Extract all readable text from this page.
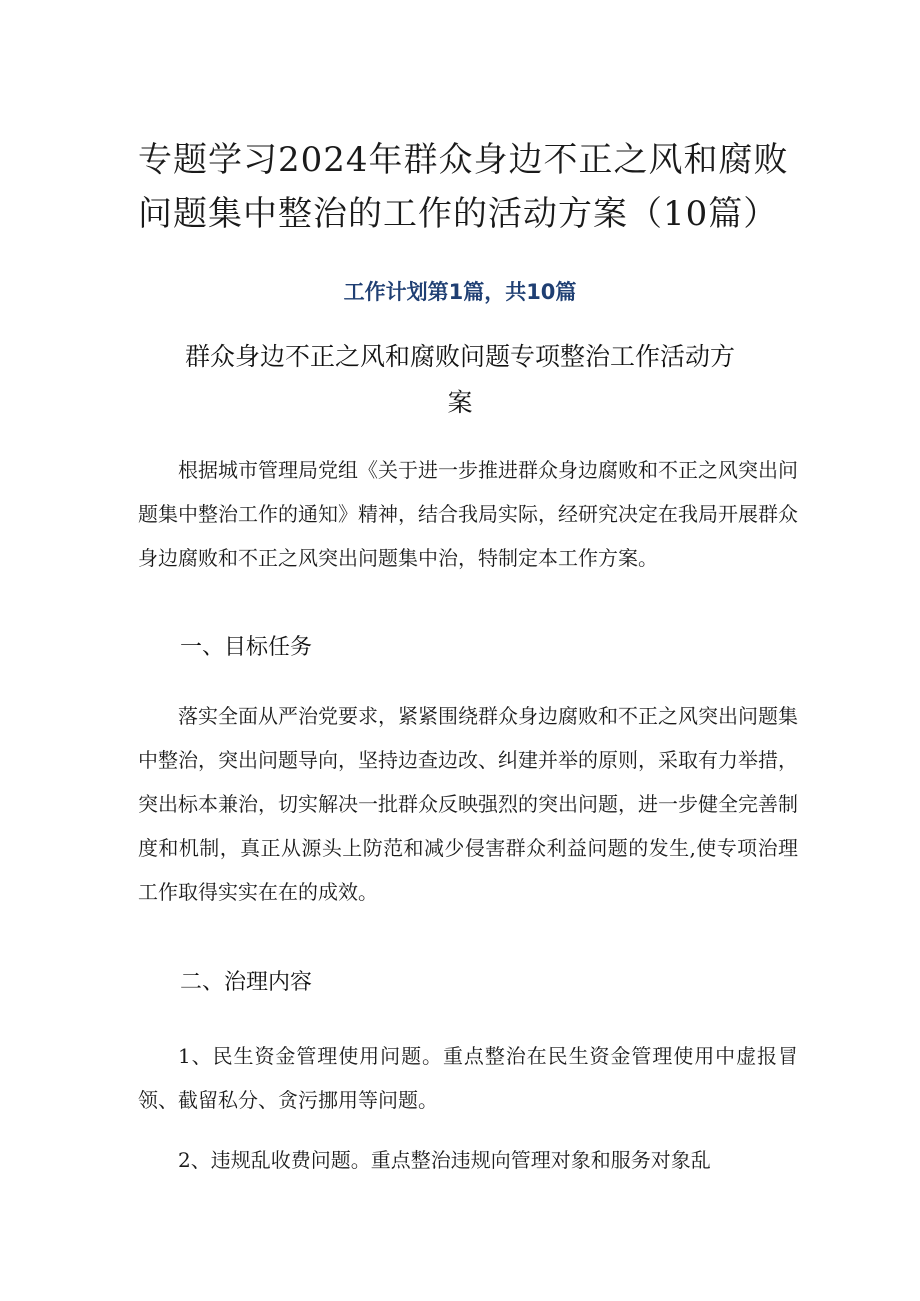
专题学习2024年群众身边不正之风和腐败问题集中整治的工作的活动方案（10篇）
工作计划第1篇，共10篇
群众身边不正之风和腐败问题专项整治工作活动方案

根据城市管理局党组《关于进一步推进群众身边腐败和不正之风突出问题集中整治工作的通知》精神，结合我局实际，经研究决定在我局开展群众身边腐败和不正之风突出问题集中治，特制定本工作方案。

一、目标任务

落实全面从严治党要求，紧紧围绕群众身边腐败和不正之风突出问题集中整治，突出问题导向，坚持边查边改、纠建并举的原则，采取有力举措，突出标本兼治，切实解决一批群众反映强烈的突出问题，进一步健全完善制度和机制，真正从源头上防范和减少侵害群众利益问题的发生,使专项治理工作取得实实在在的成效。

二、治理内容

1、民生资金管理使用问题。重点整治在民生资金管理使用中虚报冒领、截留私分、贪污挪用等问题。

2、违规乱收费问题。重点整治违规向管理对象和服务对象乱
